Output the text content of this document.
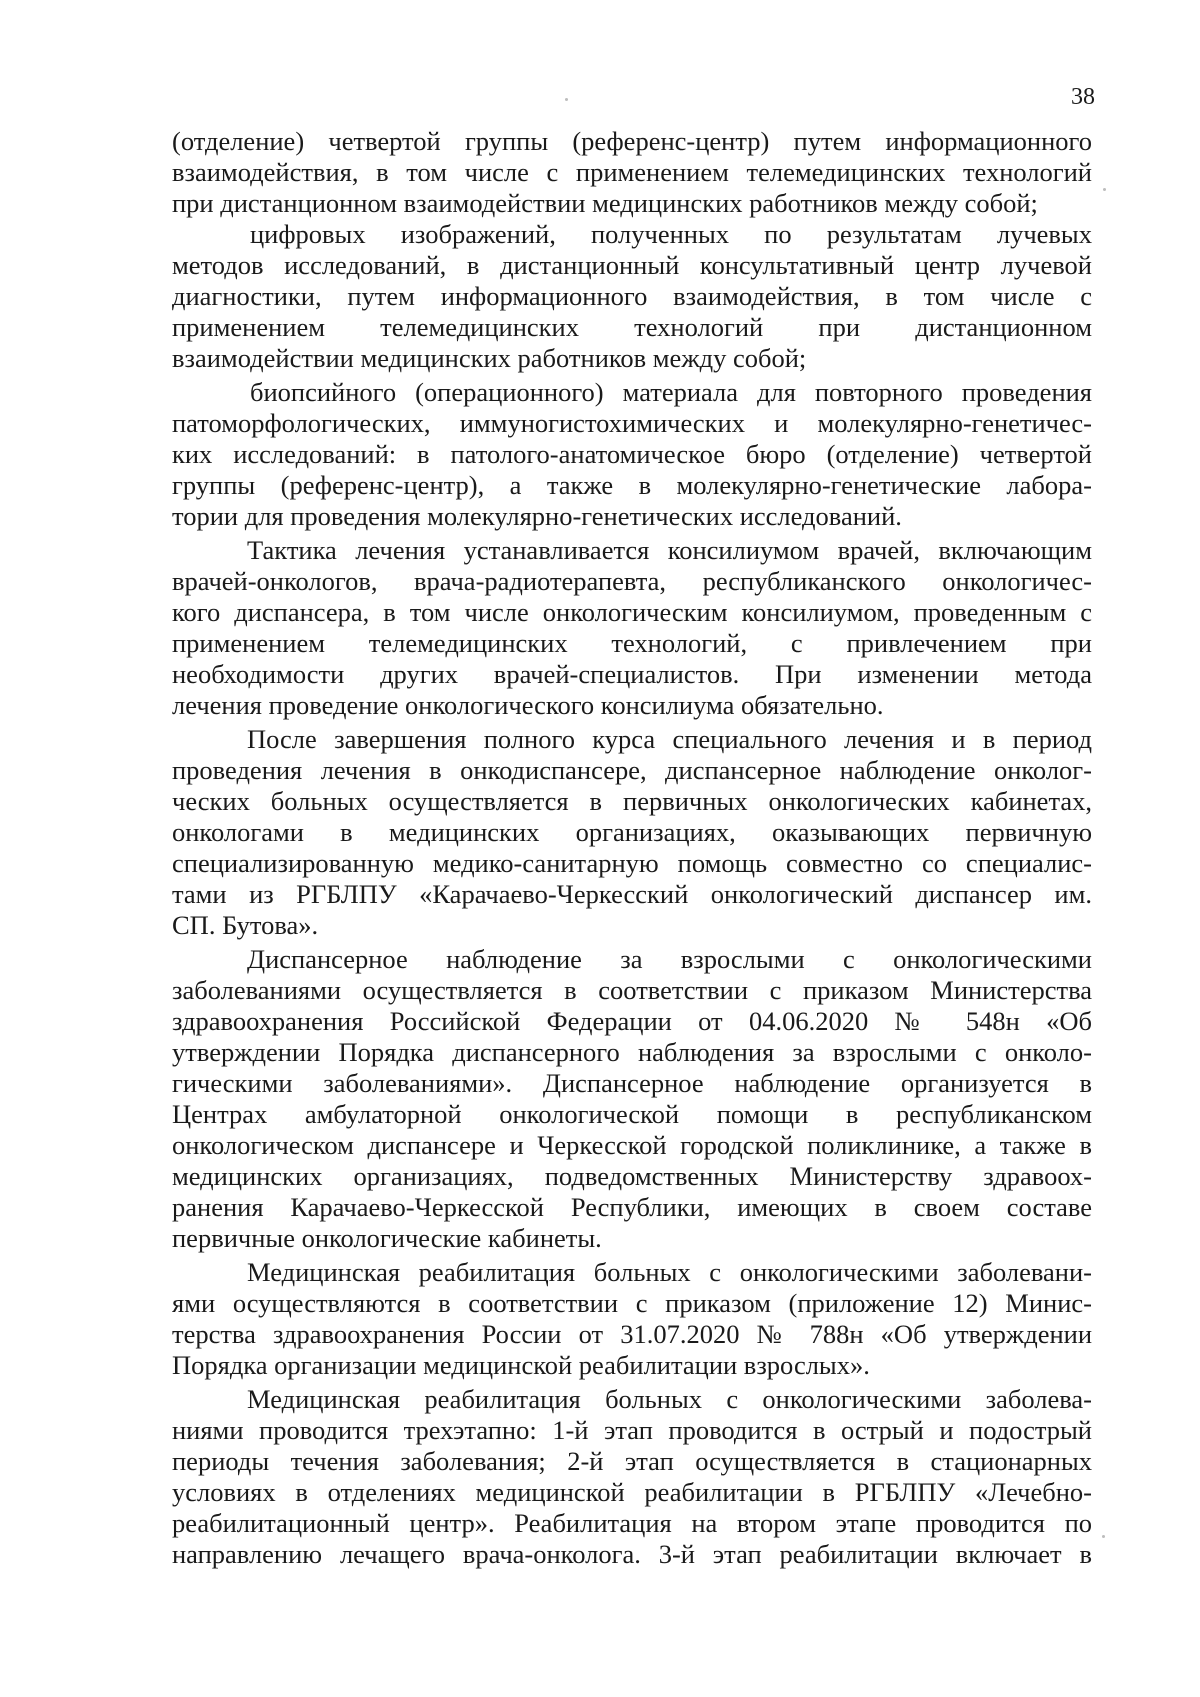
38
(отделение) четвертой группы (референс-центр) путем информационного
взаимодействия, в том числе с применением телемедицинских технологий
при дистанционном взаимодействии медицинских работников между собой;
цифровых изображений, полученных по результатам лучевых
методов исследований, в дистанционный консультативный центр лучевой
диагностики, путем информационного взаимодействия, в том числе с
применением телемедицинских технологий при дистанционном
взаимодействии медицинских работников между собой;
биопсийного (операционного) материала для повторного проведения
патоморфологических, иммуногистохимических и молекулярно-генетичес-
ких исследований: в патолого-анатомическое бюро (отделение) четвертой
группы (референс-центр), а также в молекулярно-генетические лабора-
тории для проведения молекулярно-генетических исследований.
Тактика лечения устанавливается консилиумом врачей, включающим
врачей-онкологов, врача-радиотерапевта, республиканского онкологичес-
кого диспансера, в том числе онкологическим консилиумом, проведенным с
применением телемедицинских технологий, с привлечением при
необходимости других врачей-специалистов. При изменении метода
лечения проведение онкологического консилиума обязательно.
После завершения полного курса специального лечения и в период
проведения лечения в онкодиспансере, диспансерное наблюдение онколог-
ческих больных осуществляется в первичных онкологических кабинетах,
онкологами в медицинских организациях, оказывающих первичную
специализированную медико-санитарную помощь совместно со специалис-
тами из РГБЛПУ «Карачаево-Черкесский онкологический диспансер им.
СП. Бутова».
Диспансерное наблюдение за взрослыми с онкологическими
заболеваниями осуществляется в соответствии с приказом Министерства
здравоохранения Российской Федерации от 04.06.2020 № 548н «Об
утверждении Порядка диспансерного наблюдения за взрослыми с онколо-
гическими заболеваниями». Диспансерное наблюдение организуется в
Центрах амбулаторной онкологической помощи в республиканском
онкологическом диспансере и Черкесской городской поликлинике, а также в
медицинских организациях, подведомственных Министерству здравоох-
ранения Карачаево-Черкесской Республики, имеющих в своем составе
первичные онкологические кабинеты.
Медицинская реабилитация больных с онкологическими заболевани-
ями осуществляются в соответствии с приказом (приложение 12) Минис-
терства здравоохранения России от 31.07.2020 № 788н «Об утверждении
Порядка организации медицинской реабилитации взрослых».
Медицинская реабилитация больных с онкологическими заболева-
ниями проводится трехэтапно: 1-й этап проводится в острый и подострый
периоды течения заболевания; 2-й этап осуществляется в стационарных
условиях в отделениях медицинской реабилитации в РГБЛПУ «Лечебно-
реабилитационный центр». Реабилитация на втором этапе проводится по
направлению лечащего врача-онколога. 3-й этап реабилитации включает в
